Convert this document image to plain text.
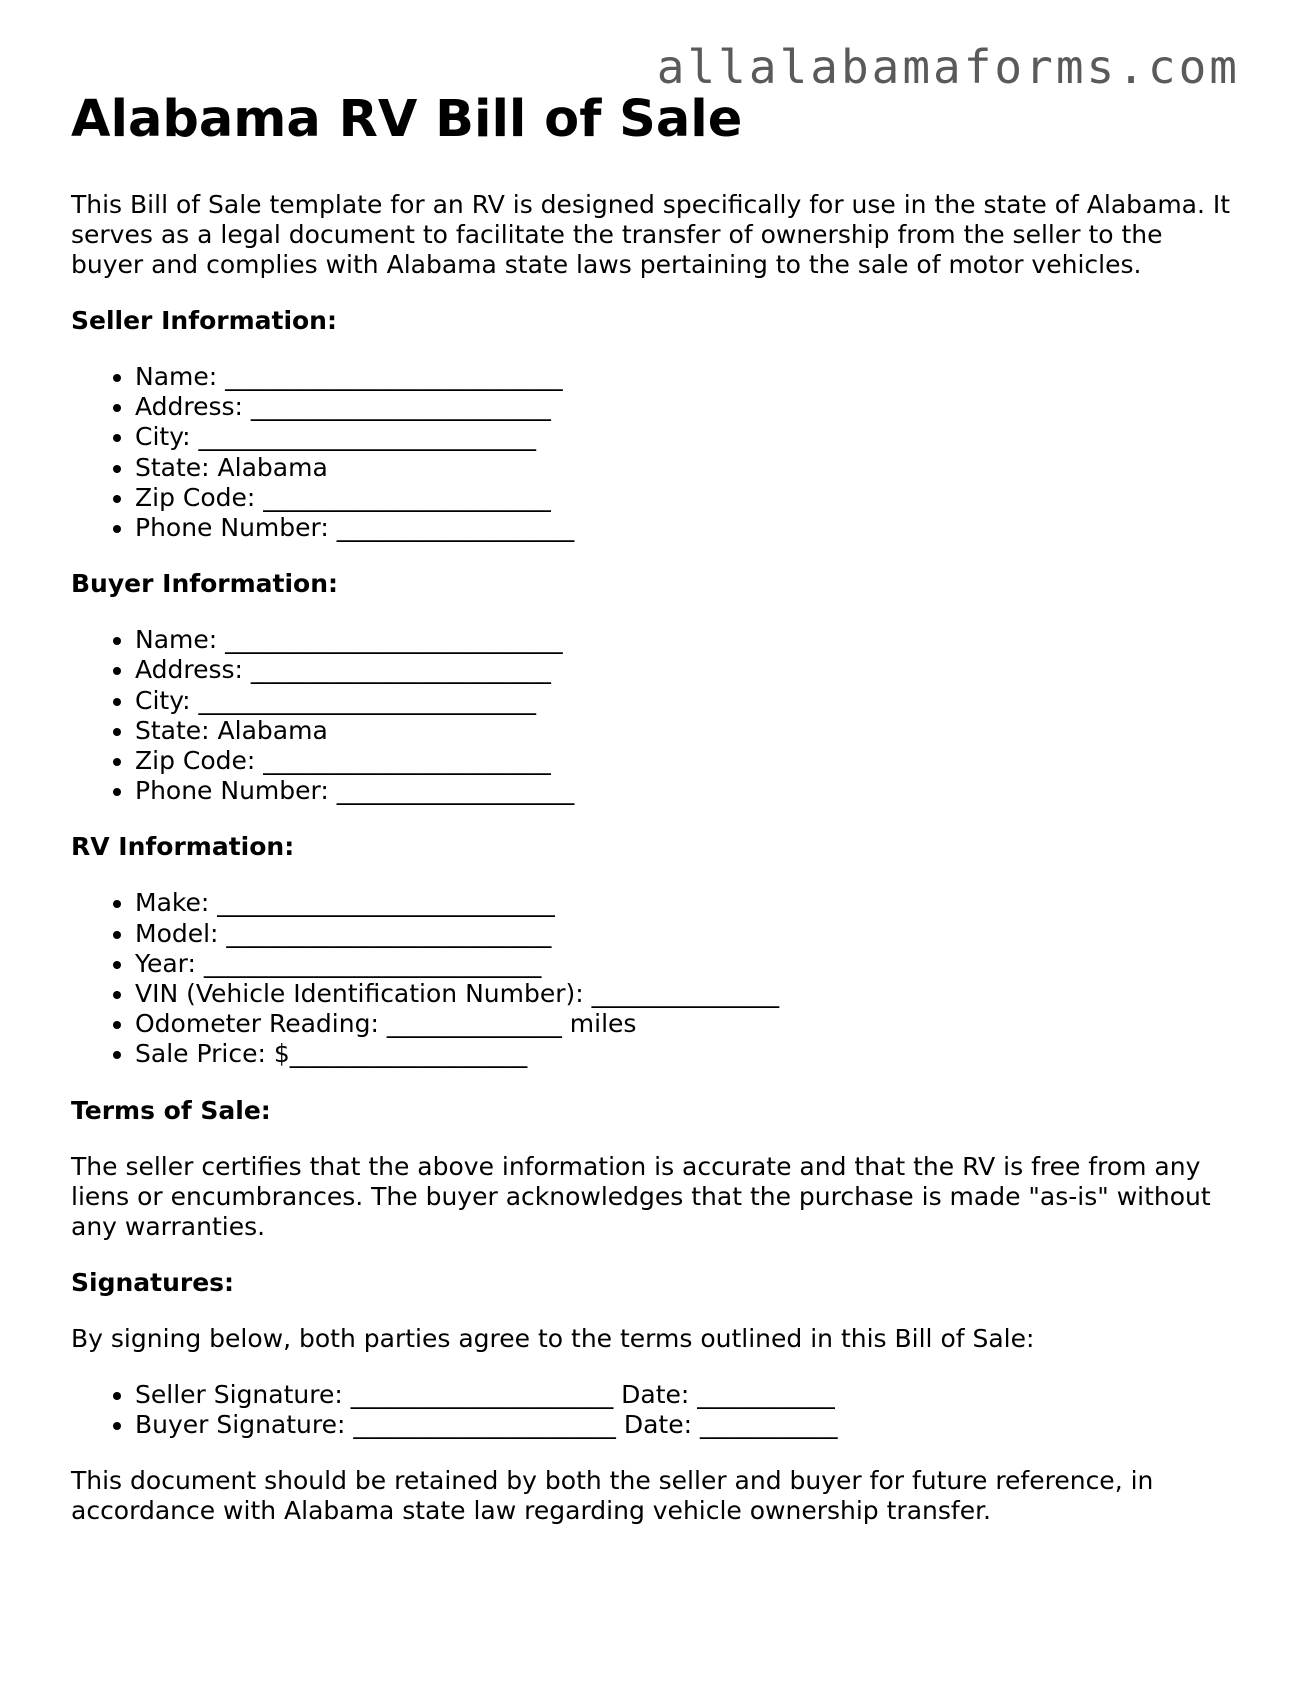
allalabamaforms.com
Alabama RV Bill of Sale

This Bill of Sale template for an RV is designed specifically for use in the state of Alabama. It serves as a legal document to facilitate the transfer of ownership from the seller to the buyer and complies with Alabama state laws pertaining to the sale of motor vehicles.

Seller Information:
• Name: ___________________________
• Address: ________________________
• City: ___________________________
• State: Alabama
• Zip Code: _______________________
• Phone Number: ___________________
Buyer Information:
• Name: ___________________________
• Address: ________________________
• City: ___________________________
• State: Alabama
• Zip Code: _______________________
• Phone Number: ___________________
RV Information:
• Make: ___________________________
• Model: __________________________
• Year: ___________________________
• VIN (Vehicle Identification Number): _______________
• Odometer Reading: ______________ miles
• Sale Price: $___________________
Terms of Sale:

The seller certifies that the above information is accurate and that the RV is free from any liens or encumbrances. The buyer acknowledges that the purchase is made "as-is" without any warranties.

Signatures:

By signing below, both parties agree to the terms outlined in this Bill of Sale:

• Seller Signature: _____________________ Date: ___________
• Buyer Signature: _____________________ Date: ___________

This document should be retained by both the seller and buyer for future reference, in accordance with Alabama state law regarding vehicle ownership transfer.
